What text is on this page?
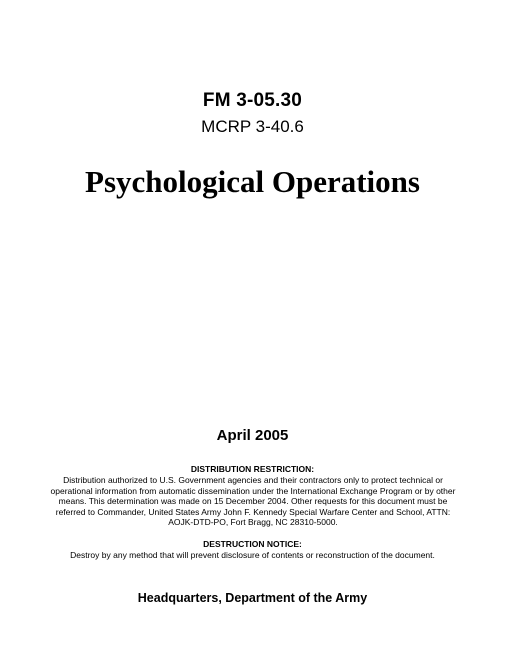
FM 3-05.30
MCRP 3-40.6
Psychological Operations
April 2005
DISTRIBUTION RESTRICTION:
Distribution authorized to U.S. Government agencies and their contractors only to protect technical or operational information from automatic dissemination under the International Exchange Program or by other means. This determination was made on 15 December 2004. Other requests for this document must be referred to Commander, United States Army John F. Kennedy Special Warfare Center and School, ATTN: AOJK-DTD-PO, Fort Bragg, NC 28310-5000.
DESTRUCTION NOTICE:
Destroy by any method that will prevent disclosure of contents or reconstruction of the document.
Headquarters, Department of the Army
